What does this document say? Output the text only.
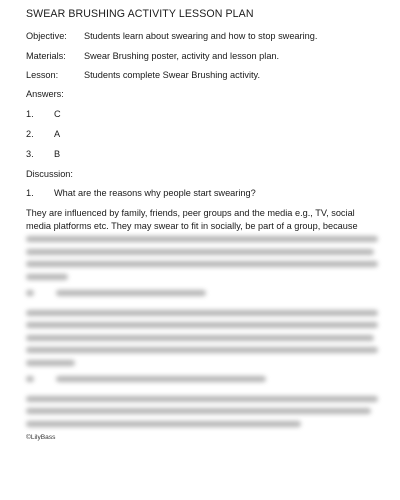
SWEAR BRUSHING ACTIVITY LESSON PLAN
Objective:	Students learn about swearing and how to stop swearing.
Materials:	Swear Brushing poster, activity and lesson plan.
Lesson:	Students complete Swear Brushing activity.
Answers:
1.	C
2.	A
3.	B
Discussion:
1.	What are the reasons why people start swearing?
They are influenced by family, friends, peer groups and the media e.g., TV, social
media platforms etc. They may swear to fit in socially, be part of a group, because
©LilyBass
